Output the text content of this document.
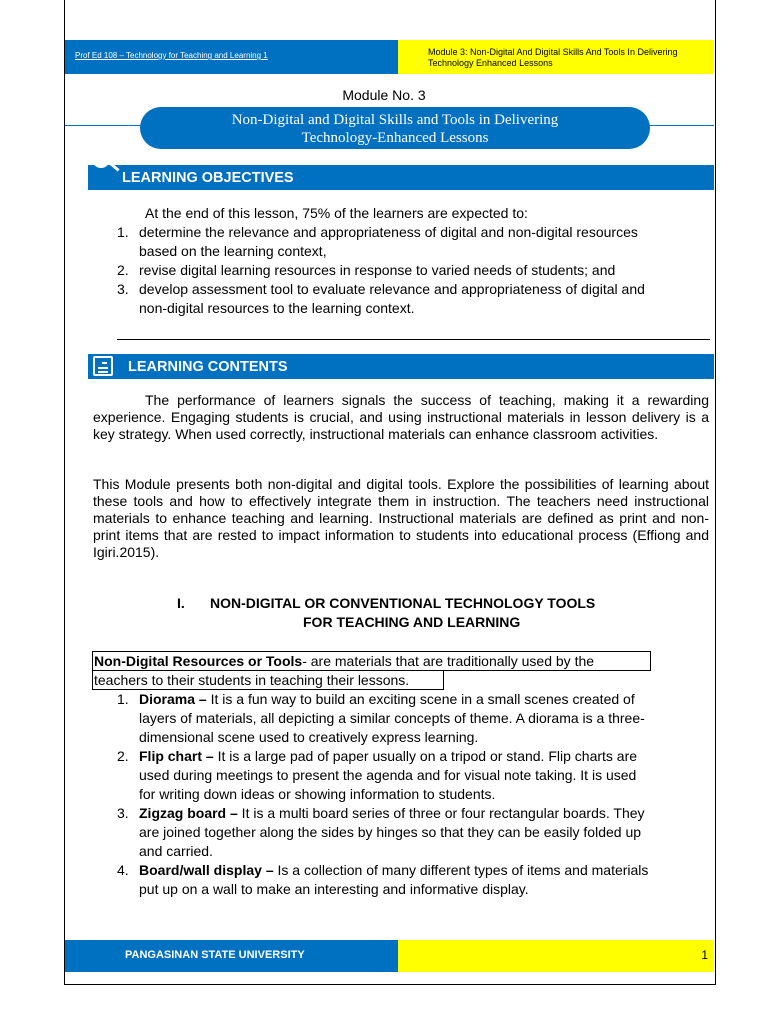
Prof Ed 108 – Technology for Teaching and Learning 1	Module 3: Non-Digital And Digital Skills And Tools In Delivering Technology Enhanced Lessons
Module No. 3
Non-Digital and Digital Skills and Tools in Delivering
Technology-Enhanced Lessons
LEARNING OBJECTIVES
At the end of this lesson, 75% of the learners are expected to:
1. determine the relevance and appropriateness of digital and non-digital resources
based on the learning context,
2. revise digital learning resources in response to varied needs of students; and
3. develop assessment tool to evaluate relevance and appropriateness of digital and
non-digital resources to the learning context.
LEARNING CONTENTS
The performance of learners signals the success of teaching, making it a rewarding experience. Engaging students is crucial, and using instructional materials in lesson delivery is a key strategy. When used correctly, instructional materials can enhance classroom activities.
This Module presents both non-digital and digital tools. Explore the possibilities of learning about these tools and how to effectively integrate them in instruction. The teachers need instructional materials to enhance teaching and learning. Instructional materials are defined as print and non-print items that are rested to impact information to students into educational process (Effiong and Igiri.2015).
I. NON-DIGITAL OR CONVENTIONAL TECHNOLOGY TOOLS
FOR TEACHING AND LEARNING
Non-Digital Resources or Tools- are materials that are traditionally used by the
teachers to their students in teaching their lessons.
1. Diorama – It is a fun way to build an exciting scene in a small scenes created of
layers of materials, all depicting a similar concepts of theme. A diorama is a three-
dimensional scene used to creatively express learning.
2. Flip chart – It is a large pad of paper usually on a tripod or stand. Flip charts are
used during meetings to present the agenda and for visual note taking. It is used
for writing down ideas or showing information to students.
3. Zigzag board – It is a multi board series of three or four rectangular boards. They
are joined together along the sides by hinges so that they can be easily folded up
and carried.
4. Board/wall display – Is a collection of many different types of items and materials
put up on a wall to make an interesting and informative display.
PANGASINAN STATE UNIVERSITY	1
